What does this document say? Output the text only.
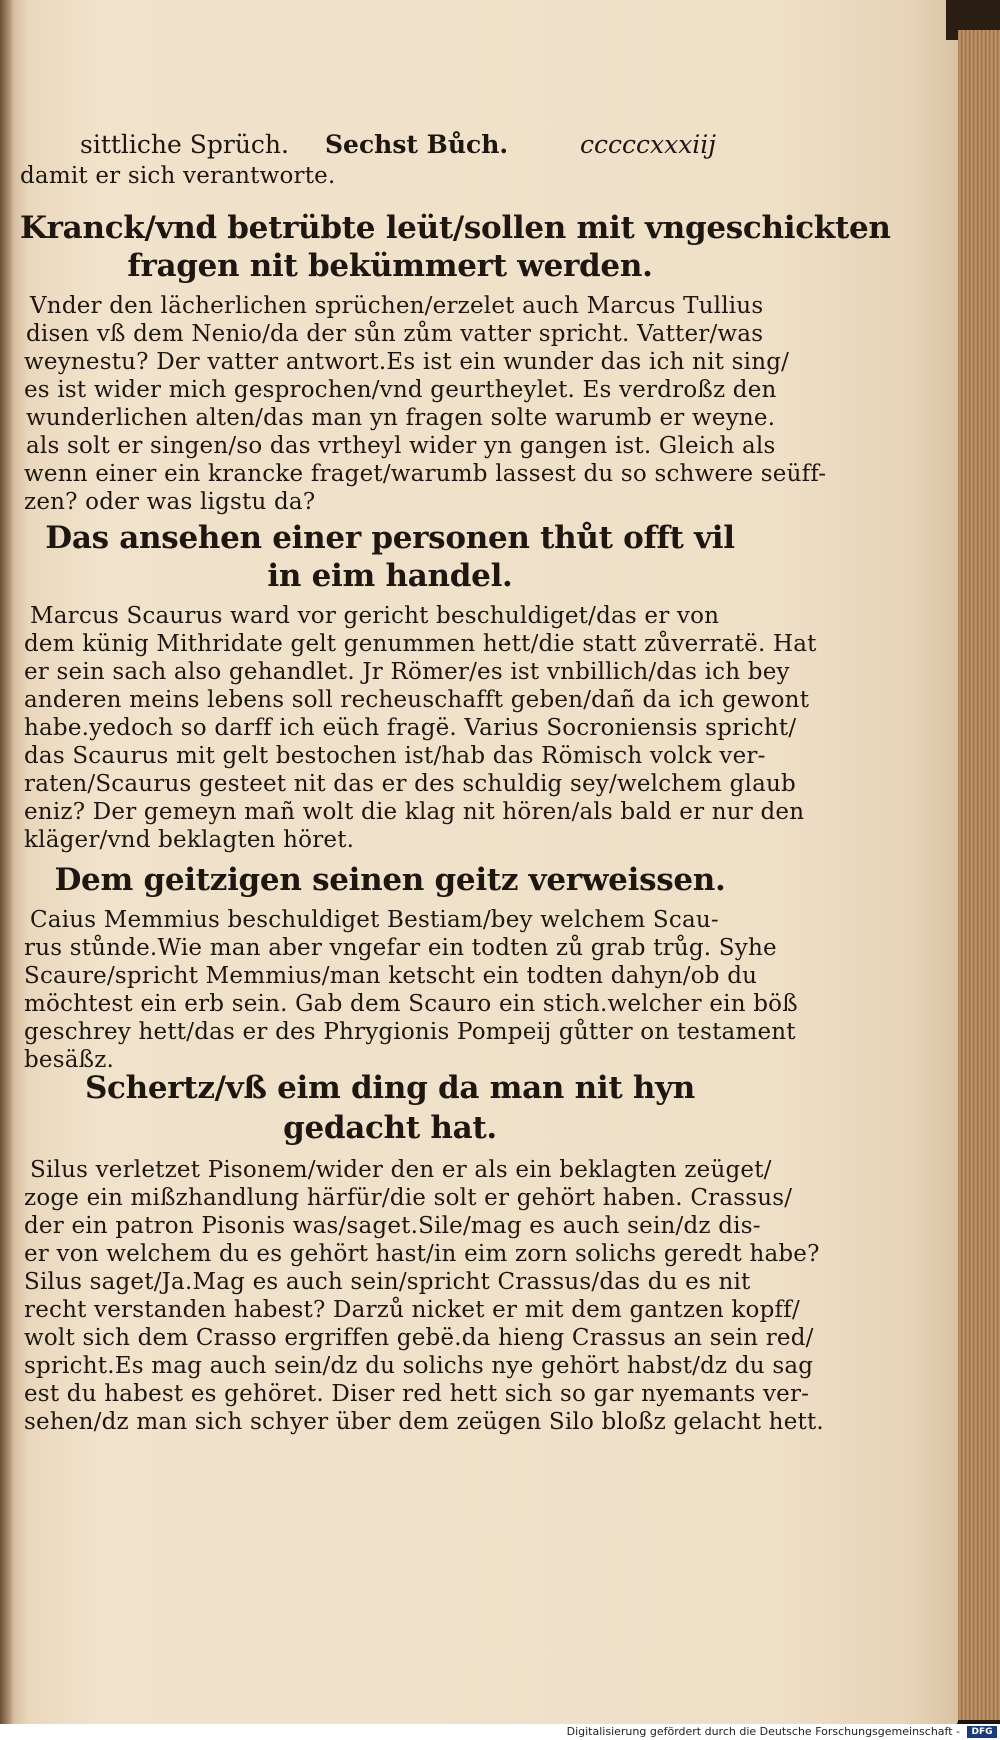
sittliche Sprüch. Sechst Bůch.	cccccxxxiij
damit er sich verantworte.
Kranck/vnd betrübte leüt/sollen mit vngeschickten
fragen nit bekümmert werden.
Vnder den lächerlichen sprüchen/erzelet auch Marcus Tullius
disen vß dem Nenio/da der sůn zům vatter spricht. Vatter/was
weynestu? Der vatter antwort.Es ist ein wunder das ich nit sing/
es ist wider mich gesprochen/vnd geurtheylet. Es verdroßz den
wunderlichen alten/das man yn fragen solte warumb er weyne.
als solt er singen/so das vrtheyl wider yn gangen ist. Gleich als
wenn einer ein krancke fraget/warumb lassest du so schwere seüff-
zen? oder was ligstu da?
Das ansehen einer personen thůt offt vil
in eim handel.
Marcus Scaurus ward vor gericht beschuldiget/das er von
dem künig Mithridate gelt genummen hett/die statt zůverratë. Hat
er sein sach also gehandlet. Jr Römer/es ist vnbillich/das ich bey
anderen meins lebens soll recheuschafft geben/dañ da ich gewont
habe.yedoch so darff ich eüch fragë. Varius Socroniensis spricht/
das Scaurus mit gelt bestochen ist/hab das Römisch volck ver-
raten/Scaurus gesteet nit das er des schuldig sey/welchem glaub
eniz? Der gemeyn mañ wolt die klag nit hören/als bald er nur den
kläger/vnd beklagten höret.
Dem geitzigen seinen geitz verweissen.
Caius Memmius beschuldiget Bestiam/bey welchem Scau-
rus stůnde.Wie man aber vngefar ein todten zů grab trůg. Syhe
Scaure/spricht Memmius/man ketscht ein todten dahyn/ob du
möchtest ein erb sein. Gab dem Scauro ein stich.welcher ein böß
geschrey hett/das er des Phrygionis Pompeij gůtter on testament
besäßz.
Schertz/vß eim ding da man nit hyn
gedacht hat.
Silus verletzet Pisonem/wider den er als ein beklagten zeüget/
zoge ein mißzhandlung härfür/die solt er gehört haben. Crassus/
der ein patron Pisonis was/saget.Sile/mag es auch sein/dz dis-
er von welchem du es gehört hast/in eim zorn solichs geredt habe?
Silus saget/Ja.Mag es auch sein/spricht Crassus/das du es nit
recht verstanden habest? Darzů nicket er mit dem gantzen kopff/
wolt sich dem Crasso ergriffen gebë.da hieng Crassus an sein red/
spricht.Es mag auch sein/dz du solichs nye gehört habst/dz du sag
est du habest es gehöret. Diser red hett sich so gar nyemants ver-
sehen/dz man sich schyer über dem zeügen Silo bloßz gelacht hett.
Digitalisierung gefördert durch die Deutsche Forschungsgemeinschaft -	DFG
